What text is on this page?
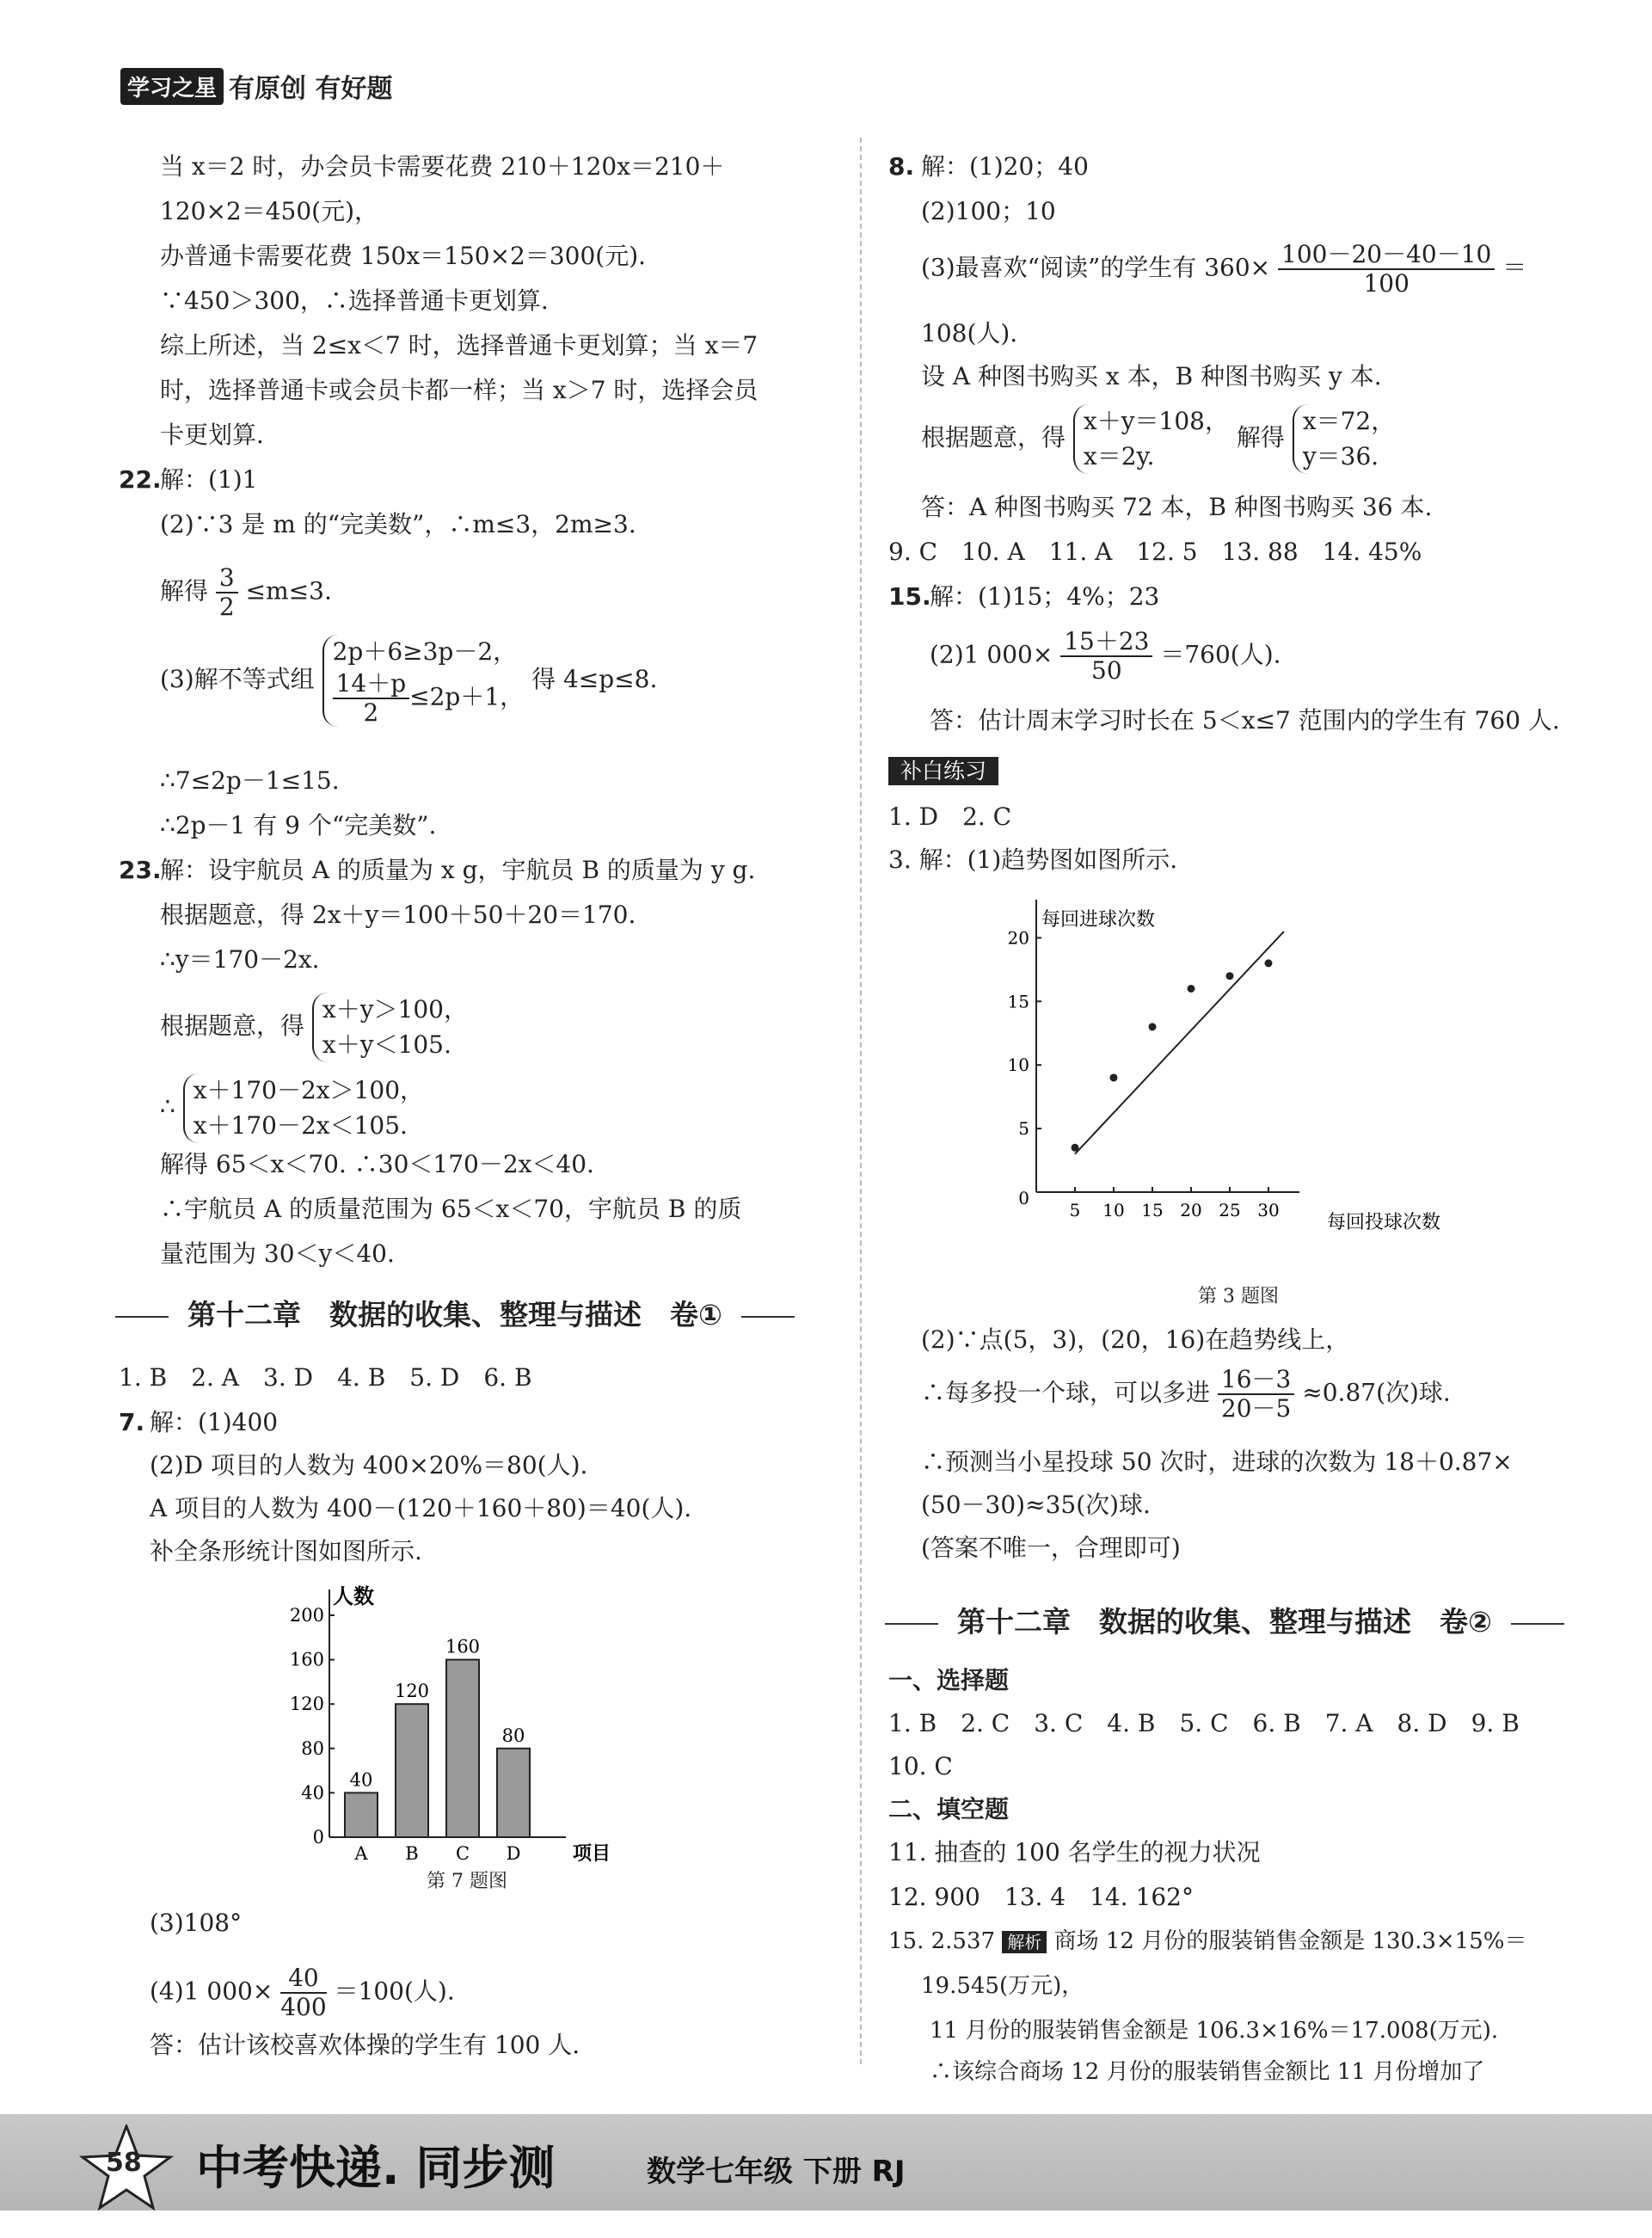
学习之星 有原创 有好题
当 x＝2 时，办会员卡需要花费 210＋120x＝210＋
120×2＝450(元)，
办普通卡需要花费 150x＝150×2＝300(元).
∵450＞300，∴选择普通卡更划算.
综上所述，当 2≤x＜7 时，选择普通卡更划算；当 x＝7
时，选择普通卡或会员卡都一样；当 x＞7 时，选择会员
卡更划算.
22.
解：(1)1
(2)∵3 是 m 的“完美数”，∴m≤3，2m≥3.
解得 $\frac{3}{2} \le m\le 3$.
(3)解不等式组
2p＋6≥3p－2，
$\frac{14+p}{2} \le 2p+1$，
得 4≤p≤8.
∴7≤2p－1≤15.
∴2p－1 有 9 个“完美数”.
23.
解：设宇航员 A 的质量为 x g，宇航员 B 的质量为 y g.
根据题意，得 2x＋y＝100＋50＋20＝170.
∴y＝170－2x.
根据题意，得
x＋y＞100，
x＋y＜105.
∴
x＋170－2x＞100，
x＋170－2x＜105.
解得 65＜x＜70. ∴30＜170－2x＜40.
∴宇航员 A 的质量范围为 65＜x＜70，宇航员 B 的质
量范围为 30＜y＜40.
第十二章　数据的收集、整理与描述　卷①
1. B　2. A　3. D　4. B　5. D　6. B
7. 解：(1)400
(2)D 项目的人数为 400×20%＝80(人).
A 项目的人数为 400－(120＋160＋80)＝40(人).
补全条形统计图如图所示.
人数
0
40
80
120
160
200
40
A
120
B
160
C
80
D	项目
第 7 题图
(3)108°
(4)1 $000\times \frac{40}{400} =100$(人).
答：估计该校喜欢体操的学生有 100 人.
8. 解：(1)20；40
(2)100；10
(3)最喜欢“阅读”的学生有 $360\times \frac{100-20-40-10}{100}$ ＝
108(人).
设 A 种图书购买 x 本，B 种图书购买 y 本.
根据题意，得
x＋y＝108，
x＝2y.
解得
x＝72，
y＝36.
答：A 种图书购买 72 本，B 种图书购买 36 本.
9. C　10. A　11. A　12. 5　13. 88　14. 45%
15.
解：(1)15；4%；23
(2)1 $000\times \frac{15+23}{50} =760$(人).
答：估计周末学习时长在 5＜x≤7 范围内的学生有 760 人.
补白练习
1. D　2. C
3. 解：(1)趋势图如图所示.
每回进球次数
0
5
10
15
20
5 10 15 20 25 30
每回投球次数
第 3 题图
(2)∵点(5，3)，(20，16)在趋势线上，
∴每多投一个球，可以多进 $\frac{16-3}{20-5} \approx 0.87$(次)球.
∴预测当小星投球 50 次时，进球的次数为 18＋0.87×
(50－30)≈35(次)球.
(答案不唯一，合理即可)
第十二章　数据的收集、整理与描述　卷②
一、选择题
1. B　2. C　3. C　4. B　5. C　6. B　7. A　8. D　9. B
10. C
二、填空题
11. 抽查的 100 名学生的视力状况
12. 900　13. 4　14. 162°
15. 2.537 解析 商场 12 月份的服装销售金额是 130.3×15%＝
19.545(万元)，
11 月份的服装销售金额是 106.3×16%＝17.008(万元).
∴该综合商场 12 月份的服装销售金额比 11 月份增加了
58 中考快递. 同步测	数学七年级 下册 RJ
